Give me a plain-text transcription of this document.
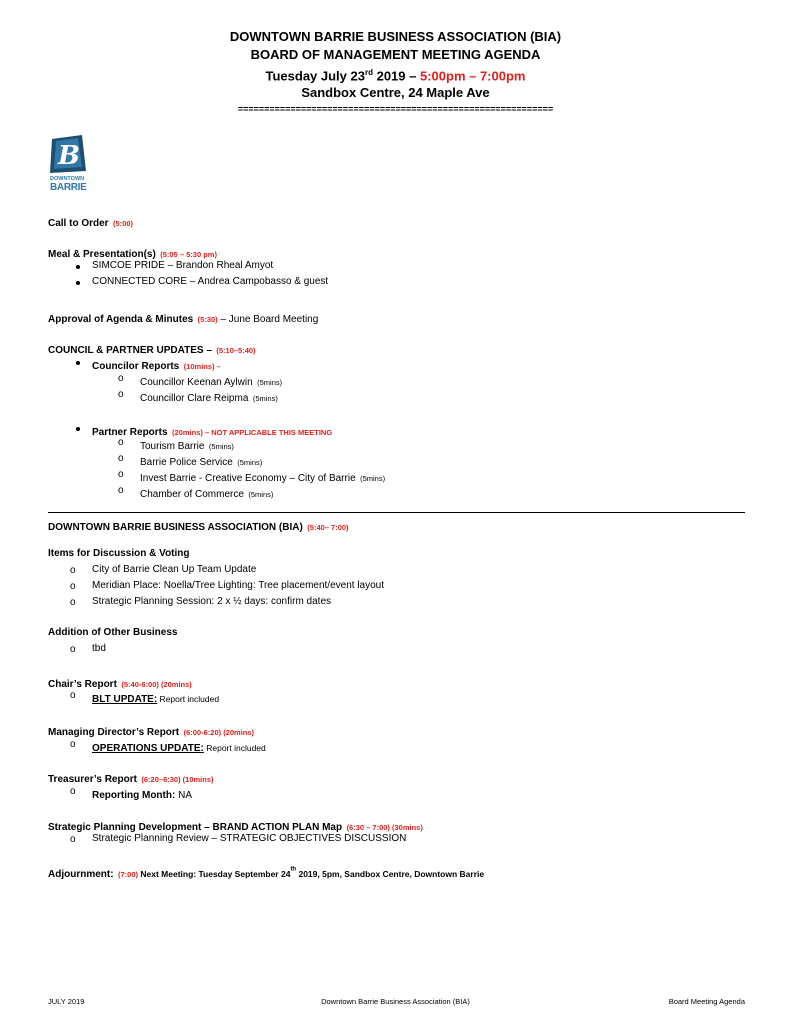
DOWNTOWN BARRIE BUSINESS ASSOCIATION (BIA)
BOARD OF MANAGEMENT MEETING AGENDA
Tuesday July 23rd 2019 – 5:00pm – 7:00pm
Sandbox Centre, 24 Maple Ave
============================================================
B
DOWNTOWN
BARRIE
Call to Order (5:00)
Meal & Presentation(s) (5:05 – 5:30 pm)
SIMCOE PRIDE – Brandon Rheal Amyot
CONNECTED CORE – Andrea Campobasso & guest
Approval of Agenda & Minutes (5:30) – June Board Meeting
COUNCIL & PARTNER UPDATES – (5:10–5:40)
Councilor Reports (10mins) –
o Councillor Keenan Aylwin (5mins)
o Councillor Clare Reipma (5mins)
Partner Reports (20mins) – NOT APPLICABLE THIS MEETING
o Tourism Barrie (5mins)
o Barrie Police Service (5mins)
o Invest Barrie - Creative Economy – City of Barrie (5mins)
o Chamber of Commerce (5mins)
DOWNTOWN BARRIE BUSINESS ASSOCIATION (BIA) (5:40– 7:00)
Items for Discussion & Voting
o City of Barrie Clean Up Team Update
o Meridian Place: Noella/Tree Lighting: Tree placement/event layout
o Strategic Planning Session: 2 x ½ days: confirm dates
Addition of Other Business
o tbd
Chair’s Report (5:40-6:00) (20mins)
o BLT UPDATE: Report included
Managing Director’s Report (6:00-6:20) (20mins)
o OPERATIONS UPDATE: Report included
Treasurer’s Report (6:20–6:30) (10mins)
o Reporting Month: NA
Strategic Planning Development – BRAND ACTION PLAN Map (6:30 – 7:00) (30mins)
o Strategic Planning Review – STRATEGIC OBJECTIVES DISCUSSION
Adjournment: (7:00) Next Meeting: Tuesday September 24th 2019, 5pm, Sandbox Centre, Downtown Barrie
JULY 2019	Downtown Barrie Business Association (BIA)	Board Meeting Agenda
